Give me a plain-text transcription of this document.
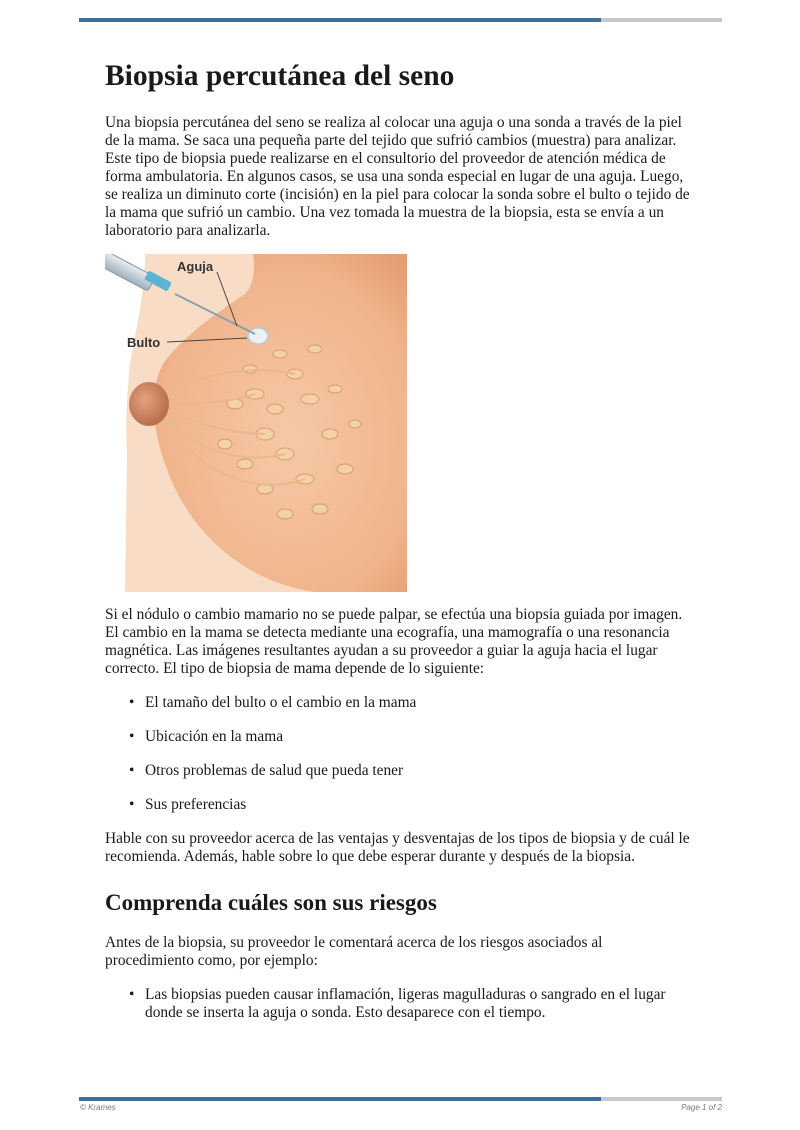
Biopsia percutánea del seno

Una biopsia percutánea del seno se realiza al colocar una aguja o una sonda a través de la piel de la mama. Se saca una pequeña parte del tejido que sufrió cambios (muestra) para analizar. Este tipo de biopsia puede realizarse en el consultorio del proveedor de atención médica de forma ambulatoria. En algunos casos, se usa una sonda especial en lugar de una aguja. Luego, se realiza un diminuto corte (incisión) en la piel para colocar la sonda sobre el bulto o tejido de la mama que sufrió un cambio. Una vez tomada la muestra de la biopsia, esta se envía a un laboratorio para analizarla.

Aguja
Bulto

Si el nódulo o cambio mamario no se puede palpar, se efectúa una biopsia guiada por imagen. El cambio en la mama se detecta mediante una ecografía, una mamografía o una resonancia magnética. Las imágenes resultantes ayudan a su proveedor a guiar la aguja hacia el lugar correcto. El tipo de biopsia de mama depende de lo siguiente:

• El tamaño del bulto o el cambio en la mama
• Ubicación en la mama
• Otros problemas de salud que pueda tener
• Sus preferencias

Hable con su proveedor acerca de las ventajas y desventajas de los tipos de biopsia y de cuál le recomienda. Además, hable sobre lo que debe esperar durante y después de la biopsia.

Comprenda cuáles son sus riesgos

Antes de la biopsia, su proveedor le comentará acerca de los riesgos asociados al procedimiento como, por ejemplo:

• Las biopsias pueden causar inflamación, ligeras magulladuras o sangrado en el lugar donde se inserta la aguja o sonda. Esto desaparece con el tiempo.
© Krames	Page 1 of 2
